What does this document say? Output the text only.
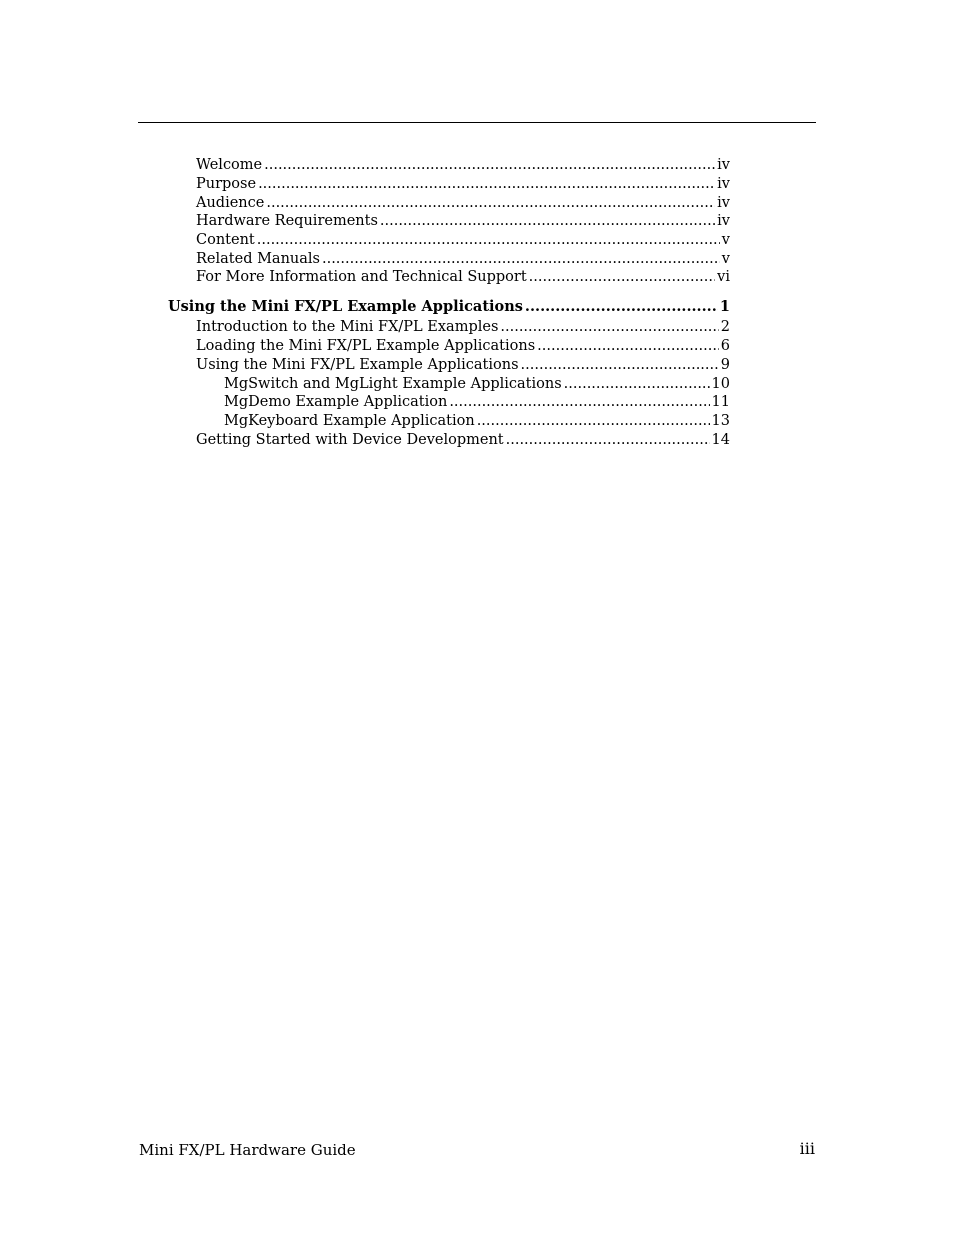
Welcome .....	iv
Purpose .....	iv
Audience .....	iv
Hardware Requirements .....	iv
Content .....	v
Related Manuals .....	v
For More Information and Technical Support .....	vi
Using the Mini FX/PL Example Applications .....	1
Introduction to the Mini FX/PL Examples .....	2
Loading the Mini FX/PL Example Applications .....	6
Using the Mini FX/PL Example Applications .....	9
MgSwitch and MgLight Example Applications .....	10
MgDemo Example Application .....	11
MgKeyboard Example Application .....	13
Getting Started with Device Development .....	14
Mini FX/PL Hardware Guide	iii
